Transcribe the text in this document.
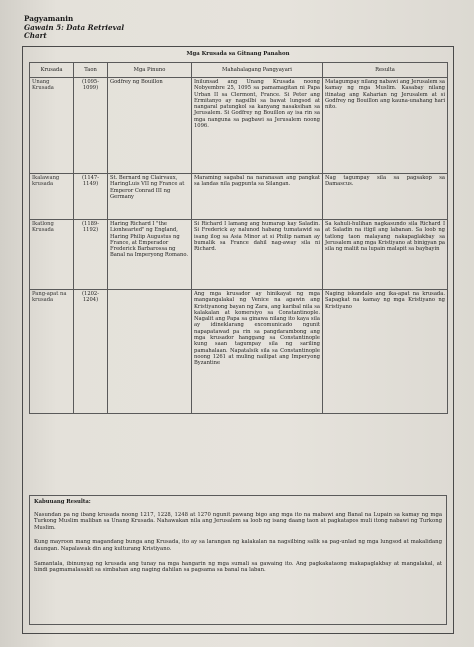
Pagyamanin
Gawain 5: Data Retrieval
Chart
Mga Krusada sa Gitnang Panahon
Krusada	Taon	Mga Pinuno	Mahahalagang Pangyayari	Resulta
Unang Krusada	(1095-1099)	Godfrey ng Bouillon	Inilunsad ang Unang Krusada noong Nobyembre 25, 1095 sa pamamagitan ni Papa Urban II sa Clermont, France. Si Peter ang Ermitanyo ay nagsilbi sa bawat lungsod at nangaral patungkol sa kanyang nasaksihan sa Jerusalem. Si Godfrey ng Bouillon ay isa rin sa mga nanguna sa pagbawi sa Jerusalem noong 1096.	Matagumpay nilang nabawi ang Jerusalem sa kamay ng mga Muslim. Kasabay nilang itinatag ang Kaharian ng Jerusalem at si Godfrey ng Bouillon ang kauna-unahang hari nito.
Ikalawang krusada	(1147-1149)	St. Bernard ng Clairvaux, HaringLuis VII ng France at Emperor Conrad III ng Germany	Maraming sagabal na naranasan ang pangkat sa landas nila pagpunta sa Silangan.	Nag tagumpay sila sa pagsakop sa Damascus.
Ikatlong Krusada	(1189-1192)	Haring Richard I "the Lionhearted" ng England, Haring Philip Augustus ng France, at Emperador Frederick Barbarossa ng Banal na Imperyong Romano.	Si Richard I lamang ang humarap kay Saladin. Si Frederick ay nalunod habang tumatawid sa isang ilog sa Asia Minor at si Philip naman ay bumalik sa France dahil nag-away sila ni Richard.	Sa kahuli-hulihan nagkasundo sila Richard I at Saladin na itigil ang labanan. Sa loob ng tatlong taon malayang nakapaglakbay sa Jerusalem ang mga Kristiyano at binigyan pa sila ng maliit na lupain malapit sa baybayin
Pang-apat na krusada	(1202-1204)		Ang mga krusador ay hinikayat ng mga mangangalakal ng Venice na agawin ang Kristiyanong bayan ng Zara, ang karibal nila sa kalakalan at komersiyo sa Constantinople. Nagalit ang Papa sa ginawa nilang ito kaya sila ay idineklarang excomunicado ngunit napapatawad pa rin sa pangdarambong ang mga krusador hanggang sa Constantinople kung saan tagumpay sila ng sariling pamahalaan. Napatalsik sila sa Constantinople noong 1261 at muling nailipat ang Imperyong Byzantine	Naging iskandalo ang ika-apat na krusada. Sapagkat na kamay ng mga Kristiyano ng Kristiyano
Kabuuang Resulta:

Nasundan pa ng ibang krusada noong 1217, 1228, 1248 at 1270 ngunit pawang bigo ang mga ito na mabawi ang Banal na Lupain sa kamay ng mga Turkong Muslim maliban sa Unang Krusada. Nahawakan nila ang Jerusalem sa loob ng isang daang taon at pagkatapos muli itong nabawi ng Turkong Muslim.

Kung mayroon mang magandang bunga ang Krusada, ito ay sa larangan ng kalakalan na nagsilbing salik sa pag-unlad ng mga lungsod at makalidang daungan. Napalawak din ang kulturang Kristiyano.

Samantala, ibinunyag ng krusada ang tunay na mga hangarin ng mga sumali sa gawaing ito. Ang pagkakataong makapaglakbay at mangalakal, at hindi pagmamalasakit sa simbahan ang naging dahilan sa pagsama sa banal na laban.
